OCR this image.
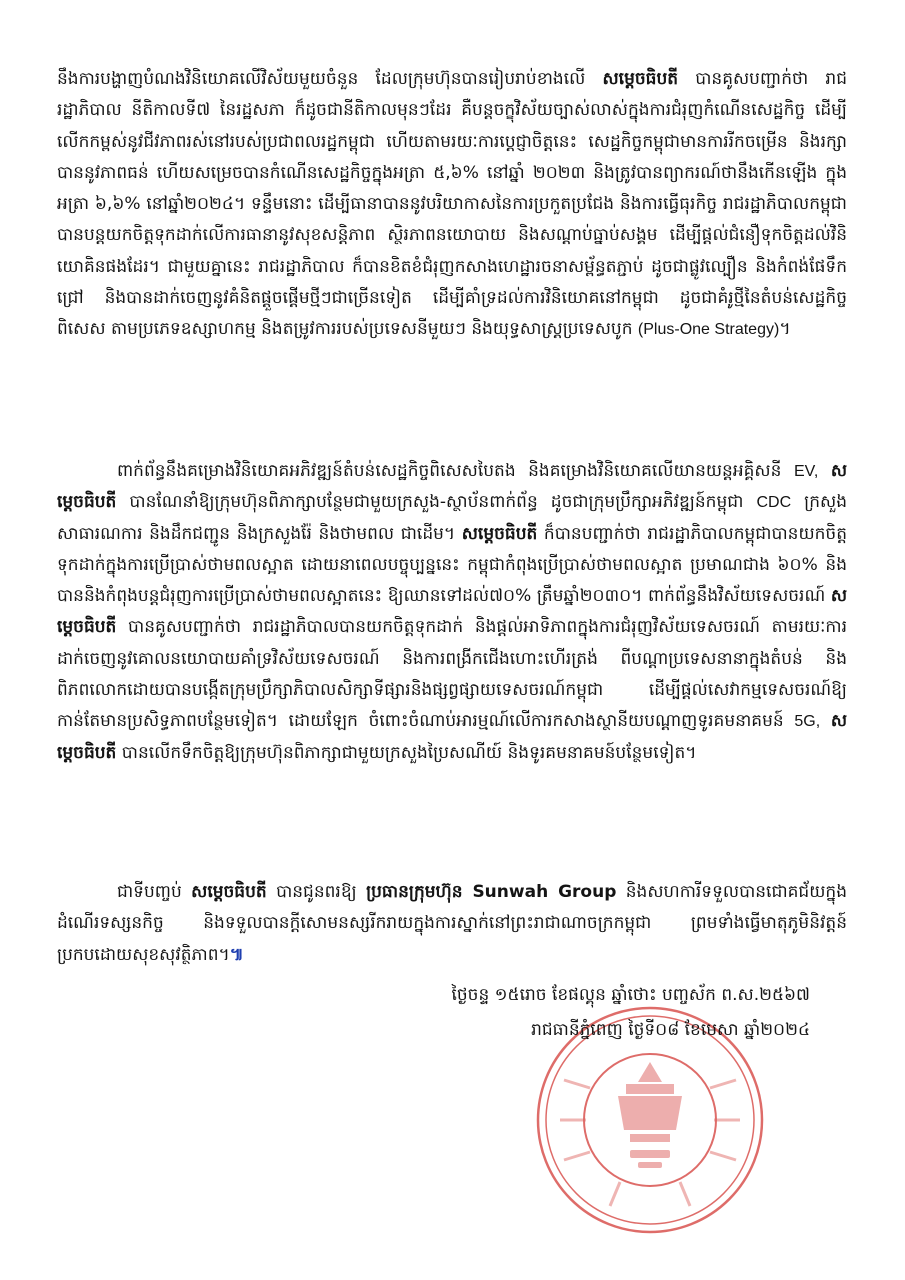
នឹងការបង្ហាញបំណងវិនិយោគលើវិស័យមួយចំនួន ដែលក្រុមហ៊ុនបានរៀបរាប់ខាងលើ សម្តេចធិបតី បានគូសបញ្ជាក់ថា រាជរដ្ឋាភិបាល នីតិកាលទី៧ នៃរដ្ឋសភា ក៏ដូចជានីតិកាលមុនៗដែរ គឺបន្តចក្ខុវិស័យច្បាស់លាស់ក្នុងការជំរុញកំណើនសេដ្ឋកិច្ច ដើម្បីលើកកម្ពស់នូវជីវភាពរស់នៅរបស់ប្រជាពលរដ្ឋកម្ពុជា ហើយតាមរយៈការប្តេជ្ញាចិត្តនេះ សេដ្ឋកិច្ចកម្ពុជាមានការរីកចម្រើន និងរក្សាបាននូវភាពធន់ ហើយសម្រេចបានកំណើនសេដ្ឋកិច្ចក្នុងអត្រា ៥,៦% នៅឆ្នាំ ២០២៣ និងត្រូវបានព្យាករណ៍ថានឹងកើនឡើង ក្នុងអត្រា ៦,៦% នៅឆ្នាំ២០២៤។ ទន្ទឹមនោះ ដើម្បីធានាបាននូវបរិយាកាសនៃការប្រកួតប្រជែង និងការធ្វើធុរកិច្ច រាជរដ្ឋាភិបាលកម្ពុជាបានបន្តយកចិត្តទុកដាក់លើការធានានូវសុខសន្តិភាព ស្ថិរភាពនយោបាយ និងសណ្តាប់ធ្នាប់សង្គម ដើម្បីផ្តល់ជំនឿទុកចិត្តដល់វិនិយោគិនផងដែរ។ ជាមួយគ្នានេះ រាជរដ្ឋាភិបាល ក៏បានខិតខំជំរុញកសាងហេដ្ឋារចនាសម្ព័ន្ធតភ្ជាប់ ដូចជាផ្លូវល្បឿន និងកំពង់ផែទឹកជ្រៅ និងបានដាក់ចេញនូវគំនិតផ្តួចផ្តើមថ្មីៗជាច្រើនទៀត ដើម្បីគាំទ្រដល់ការវិនិយោគនៅកម្ពុជា ដូចជាគំរូថ្មីនៃតំបន់សេដ្ឋកិច្ចពិសេស តាមប្រភេទឧស្សាហកម្ម និងតម្រូវការរបស់ប្រទេសនីមួយៗ និងយុទ្ធសាស្ត្រប្រទេសបូក (Plus-One Strategy)។

ពាក់ព័ន្ធនឹងគម្រោងវិនិយោគអភិវឌ្ឍន៍តំបន់សេដ្ឋកិច្ចពិសេសបៃតង និងគម្រោងវិនិយោគលើយានយន្តអគ្គិសនី EV, សម្តេចធិបតី បានណែនាំឱ្យក្រុមហ៊ុនពិភាក្សាបន្ថែមជាមួយក្រសួង-ស្ថាប័នពាក់ព័ន្ធ ដូចជាក្រុមប្រឹក្សាអភិវឌ្ឍន៍កម្ពុជា CDC ក្រសួងសាធារណការ និងដឹកជញ្ជូន និងក្រសួងរ៉ែ និងថាមពល ជាដើម។ សម្តេចធិបតី ក៏បានបញ្ជាក់ថា រាជរដ្ឋាភិបាលកម្ពុជាបានយកចិត្តទុកដាក់ក្នុងការប្រើប្រាស់ថាមពលស្អាត ដោយនាពេលបច្ចុប្បន្ននេះ កម្ពុជាកំពុងប្រើប្រាស់ថាមពលស្អាត ប្រមាណជាង ៦០% និងបាននិងកំពុងបន្តជំរុញការប្រើប្រាស់ថាមពលស្អាតនេះ ឱ្យឈានទៅដល់៧០% ត្រឹមឆ្នាំ២០៣០។ ពាក់ព័ន្ធនឹងវិស័យទេសចរណ៍ សម្តេចធិបតី បានគូសបញ្ជាក់ថា រាជរដ្ឋាភិបាលបានយកចិត្តទុកដាក់ និងផ្តល់អាទិភាពក្នុងការជំរុញវិស័យទេសចរណ៍ តាមរយៈការដាក់ចេញនូវគោលនយោបាយគាំទ្រវិស័យទេសចរណ៍ និងការពង្រីកជើងហោះហើរត្រង់ ពីបណ្តាប្រទេសនានាក្នុងតំបន់ និងពិភពលោកដោយបានបង្កើតក្រុមប្រឹក្សាភិបាលសិក្សាទីផ្សារនិងផ្សព្វផ្សាយទេសចរណ៍កម្ពុជា ដើម្បីផ្តល់សេវាកម្មទេសចរណ៍ឱ្យកាន់តែមានប្រសិទ្ធភាពបន្ថែមទៀត។ ដោយឡែក ចំពោះចំណាប់អារម្មណ៍លើការកសាងស្ថានីយបណ្តាញទូរគមនាគមន៍ 5G, សម្តេចធិបតី បានលើកទឹកចិត្តឱ្យក្រុមហ៊ុនពិភាក្សាជាមួយក្រសួងប្រៃសណីយ៍ និងទូរគមនាគមន៍បន្ថែមទៀត។

ជាទីបញ្ចប់ សម្តេចធិបតី បានជូនពរឱ្យ ប្រធានក្រុមហ៊ុន Sunwah Group និងសហការីទទួលបានជោគជ័យក្នុងដំណើរទស្សនកិច្ច និងទទួលបានក្តីសោមនស្សរីករាយក្នុងការស្នាក់នៅព្រះរាជាណាចក្រកម្ពុជា ព្រមទាំងធ្វើមាតុភូមិនិវត្តន៍ប្រកបដោយសុខសុវត្ថិភាព។៕

ថ្ងៃចន្ទ ១៥រោច ខែផល្គុន ឆ្នាំថោះ បញ្ចស័ក ព.ស.២៥៦៧
រាជធានីភ្នំពេញ ថ្ងៃទី០៨ ខែមេសា ឆ្នាំ២០២៤
